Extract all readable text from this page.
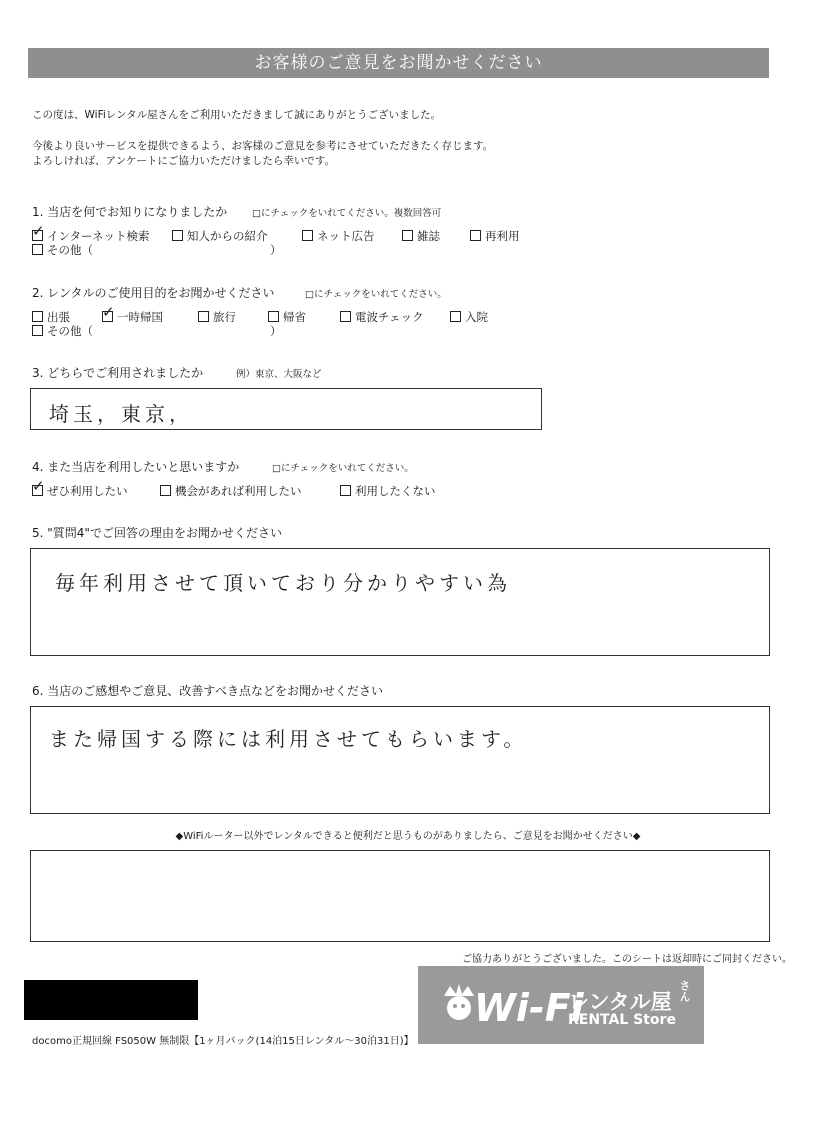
お客様のご意見をお聞かせください
この度は、WiFiレンタル屋さんをご利用いただきまして誠にありがとうございました。
今後より良いサービスを提供できるよう、お客様のご意見を参考にさせていただきたく存じます。
よろしければ、アンケートにご協力いただけましたら幸いです。
1. 当店を何でお知りになりましたか	□にチェックをいれてください。複数回答可
✓インターネット検索	知人からの紹介	ネット広告	雑誌	再利用
その他（	）
2. レンタルのご使用目的をお聞かせください	□にチェックをいれてください。
出張
✓	一時帰国	旅行	帰省	電波チェック	入院
その他（	）
3. どちらでご利用されましたか	例）東京、大阪など
埼玉，東京，
4. また当店を利用したいと思いますか	□にチェックをいれてください。
✓ぜひ利用したい	機会があれば利用したい	利用したくない
5. "質問4"でご回答の理由をお聞かせください
毎年利用させて頂いており分かりやすい為
6. 当店のご感想やご意見、改善すべき点などをお聞かせください
また帰国する際には利用させてもらいます。
◆WiFiルーター以外でレンタルできると便利だと思うものがありましたら、ご意見をお聞かせください◆
ご協力ありがとうございました。このシートは返却時にご同封ください。
docomo正規回線 FS050W 無制限【1ヶ月パック(14泊15日レンタル～30泊31日)】
Wi-Fi
レンタル屋 さん
RENTAL Store
